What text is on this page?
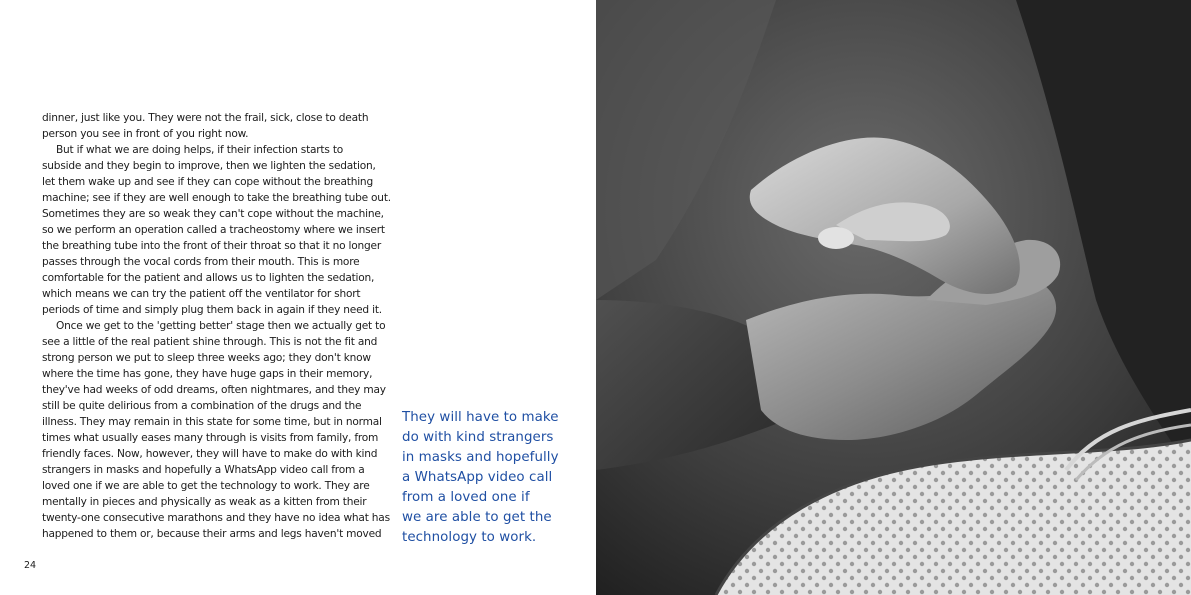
dinner, just like you. They were not the frail, sick, close to death
person you see in front of you right now.
But if what we are doing helps, if their infection starts to
subside and they begin to improve, then we lighten the sedation,
let them wake up and see if they can cope without the breathing
machine; see if they are well enough to take the breathing tube out.
Sometimes they are so weak they can't cope without the machine,
so we perform an operation called a tracheostomy where we insert
the breathing tube into the front of their throat so that it no longer
passes through the vocal cords from their mouth. This is more
comfortable for the patient and allows us to lighten the sedation,
which means we can try the patient off the ventilator for short
periods of time and simply plug them back in again if they need it.
Once we get to the 'getting better' stage then we actually get to
see a little of the real patient shine through. This is not the fit and
strong person we put to sleep three weeks ago; they don't know
where the time has gone, they have huge gaps in their memory,
they've had weeks of odd dreams, often nightmares, and they may
still be quite delirious from a combination of the drugs and the
illness. They may remain in this state for some time, but in normal
times what usually eases many through is visits from family, from
friendly faces. Now, however, they will have to make do with kind
strangers in masks and hopefully a WhatsApp video call from a
loved one if we are able to get the technology to work. They are
mentally in pieces and physically as weak as a kitten from their
twenty-one consecutive marathons and they have no idea what has
happened to them or, because their arms and legs haven't moved
They will have to make
do with kind strangers
in masks and hopefully
a WhatsApp video call
from a loved one if
we are able to get the
technology to work.
24
